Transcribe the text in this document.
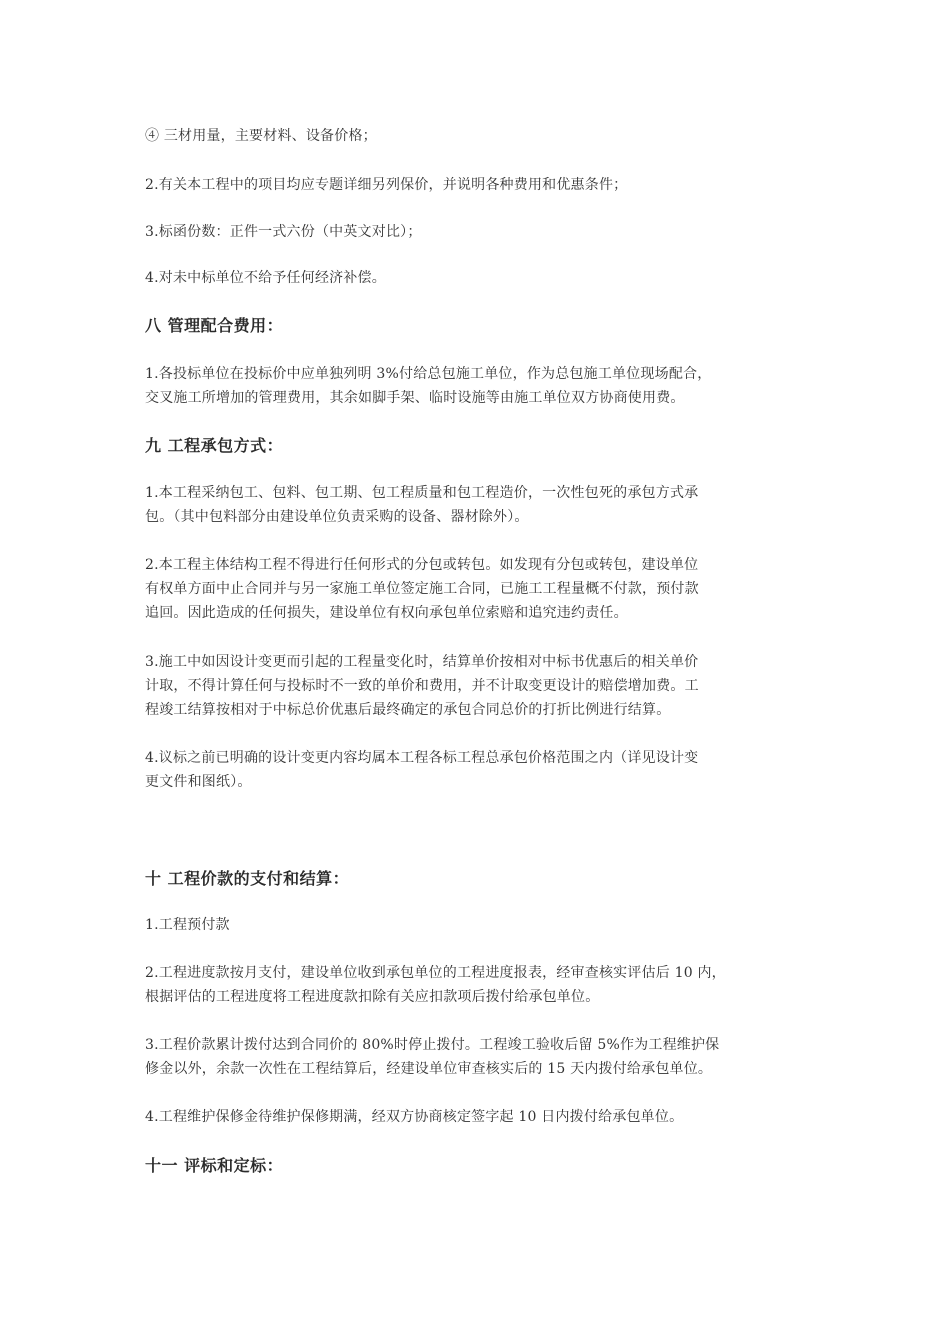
④ 三材用量，主要材料、设备价格；

2.有关本工程中的项目均应专题详细另列保价，并说明各种费用和优惠条件；

3.标函份数：正件一式六份（中英文对比）；

4.对未中标单位不给予任何经济补偿。

八 管理配合费用：

1.各投标单位在投标价中应单独列明 3%付给总包施工单位，作为总包施工单位现场配合，
交叉施工所增加的管理费用，其余如脚手架、临时设施等由施工单位双方协商使用费。

九 工程承包方式：

1.本工程采纳包工、包料、包工期、包工程质量和包工程造价，一次性包死的承包方式承
包。（其中包料部分由建设单位负责采购的设备、器材除外）。

2.本工程主体结构工程不得进行任何形式的分包或转包。如发现有分包或转包，建设单位
有权单方面中止合同并与另一家施工单位签定施工合同，已施工工程量概不付款，预付款
追回。因此造成的任何损失，建设单位有权向承包单位索赔和追究违约责任。

3.施工中如因设计变更而引起的工程量变化时，结算单价按相对中标书优惠后的相关单价
计取，不得计算任何与投标时不一致的单价和费用，并不计取变更设计的赔偿增加费。工
程竣工结算按相对于中标总价优惠后最终确定的承包合同总价的打折比例进行结算。

4.议标之前已明确的设计变更内容均属本工程各标工程总承包价格范围之内（详见设计变
更文件和图纸）。

十 工程价款的支付和结算：

1.工程预付款

2.工程进度款按月支付，建设单位收到承包单位的工程进度报表，经审查核实评估后 10 内，
根据评估的工程进度将工程进度款扣除有关应扣款项后拨付给承包单位。

3.工程价款累计拨付达到合同价的 80%时停止拨付。工程竣工验收后留 5%作为工程维护保
修金以外，余款一次性在工程结算后，经建设单位审查核实后的 15 天内拨付给承包单位。

4.工程维护保修金待维护保修期满，经双方协商核定签字起 10 日内拨付给承包单位。

十一 评标和定标：
